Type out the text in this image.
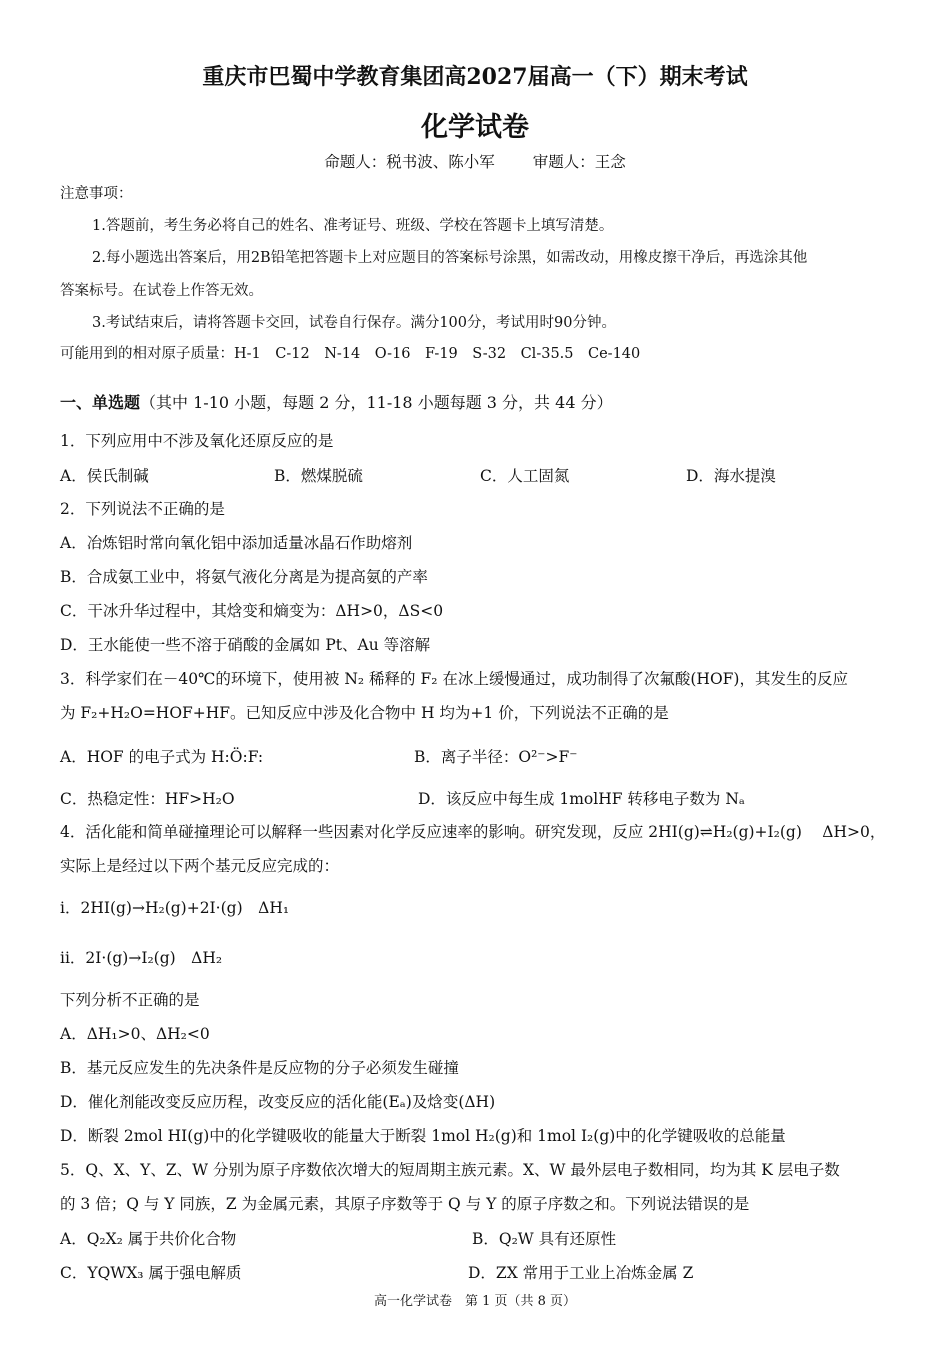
重庆市巴蜀中学教育集团高2027届高一（下）期末考试
化学试卷
命题人：税书波、陈小军 审题人：王念
注意事项：
1.答题前，考生务必将自己的姓名、准考证号、班级、学校在答题卡上填写清楚。
2.每小题选出答案后，用2B铅笔把答题卡上对应题目的答案标号涂黑，如需改动，用橡皮擦干净后，再选涂其他
答案标号。在试卷上作答无效。
3.考试结束后，请将答题卡交回，试卷自行保存。满分100分，考试用时90分钟。
可能用到的相对原子质量：H-1　C-12　N-14　O-16　F-19　S-32　Cl-35.5　Ce-140
一、单选题（其中 1-10 小题，每题 2 分，11-18 小题每题 3 分，共 44 分）
1．下列应用中不涉及氧化还原反应的是
A．侯氏制碱	B．燃煤脱硫	C．人工固氮	D．海水提溴
2．下列说法不正确的是
A．冶炼铝时常向氧化铝中添加适量冰晶石作助熔剂
B．合成氨工业中，将氨气液化分离是为提高氨的产率
C．干冰升华过程中，其焓变和熵变为：ΔH>0，ΔS<0
D．王水能使一些不溶于硝酸的金属如 Pt、Au 等溶解
3．科学家们在－40℃的环境下，使用被 N₂ 稀释的 F₂ 在冰上缓慢通过，成功制得了次氟酸(HOF)，其发生的反应
为 F₂+H₂O=HOF+HF。已知反应中涉及化合物中 H 均为+1 价，下列说法不正确的是
A．HOF 的电子式为 H:Ö:F:	B．离子半径：O²⁻>F⁻
C．热稳定性：HF>H₂O	D．该反应中每生成 1molHF 转移电子数为 Nₐ
4．活化能和简单碰撞理论可以解释一些因素对化学反应速率的影响。研究发现，反应 2HI(g)⇌H₂(g)+I₂(g)　 ΔH>0，
实际上是经过以下两个基元反应完成的：
i．2HI(g)→H₂(g)+2I·(g)　ΔH₁
ii．2I·(g)→I₂(g)　ΔH₂
下列分析不正确的是
A．ΔH₁>0、ΔH₂<0
B．基元反应发生的先决条件是反应物的分子必须发生碰撞
D．催化剂能改变反应历程，改变反应的活化能(Eₐ)及焓变(ΔH)
D．断裂 2mol HI(g)中的化学键吸收的能量大于断裂 1mol H₂(g)和 1mol I₂(g)中的化学键吸收的总能量
5．Q、X、Y、Z、W 分别为原子序数依次增大的短周期主族元素。X、W 最外层电子数相同，均为其 K 层电子数
的 3 倍；Q 与 Y 同族，Z 为金属元素，其原子序数等于 Q 与 Y 的原子序数之和。下列说法错误的是
A．Q₂X₂ 属于共价化合物	B．Q₂W 具有还原性
C．YQWX₃ 属于强电解质	D．ZX 常用于工业上冶炼金属 Z
高一化学试卷　第 1 页（共 8 页）
